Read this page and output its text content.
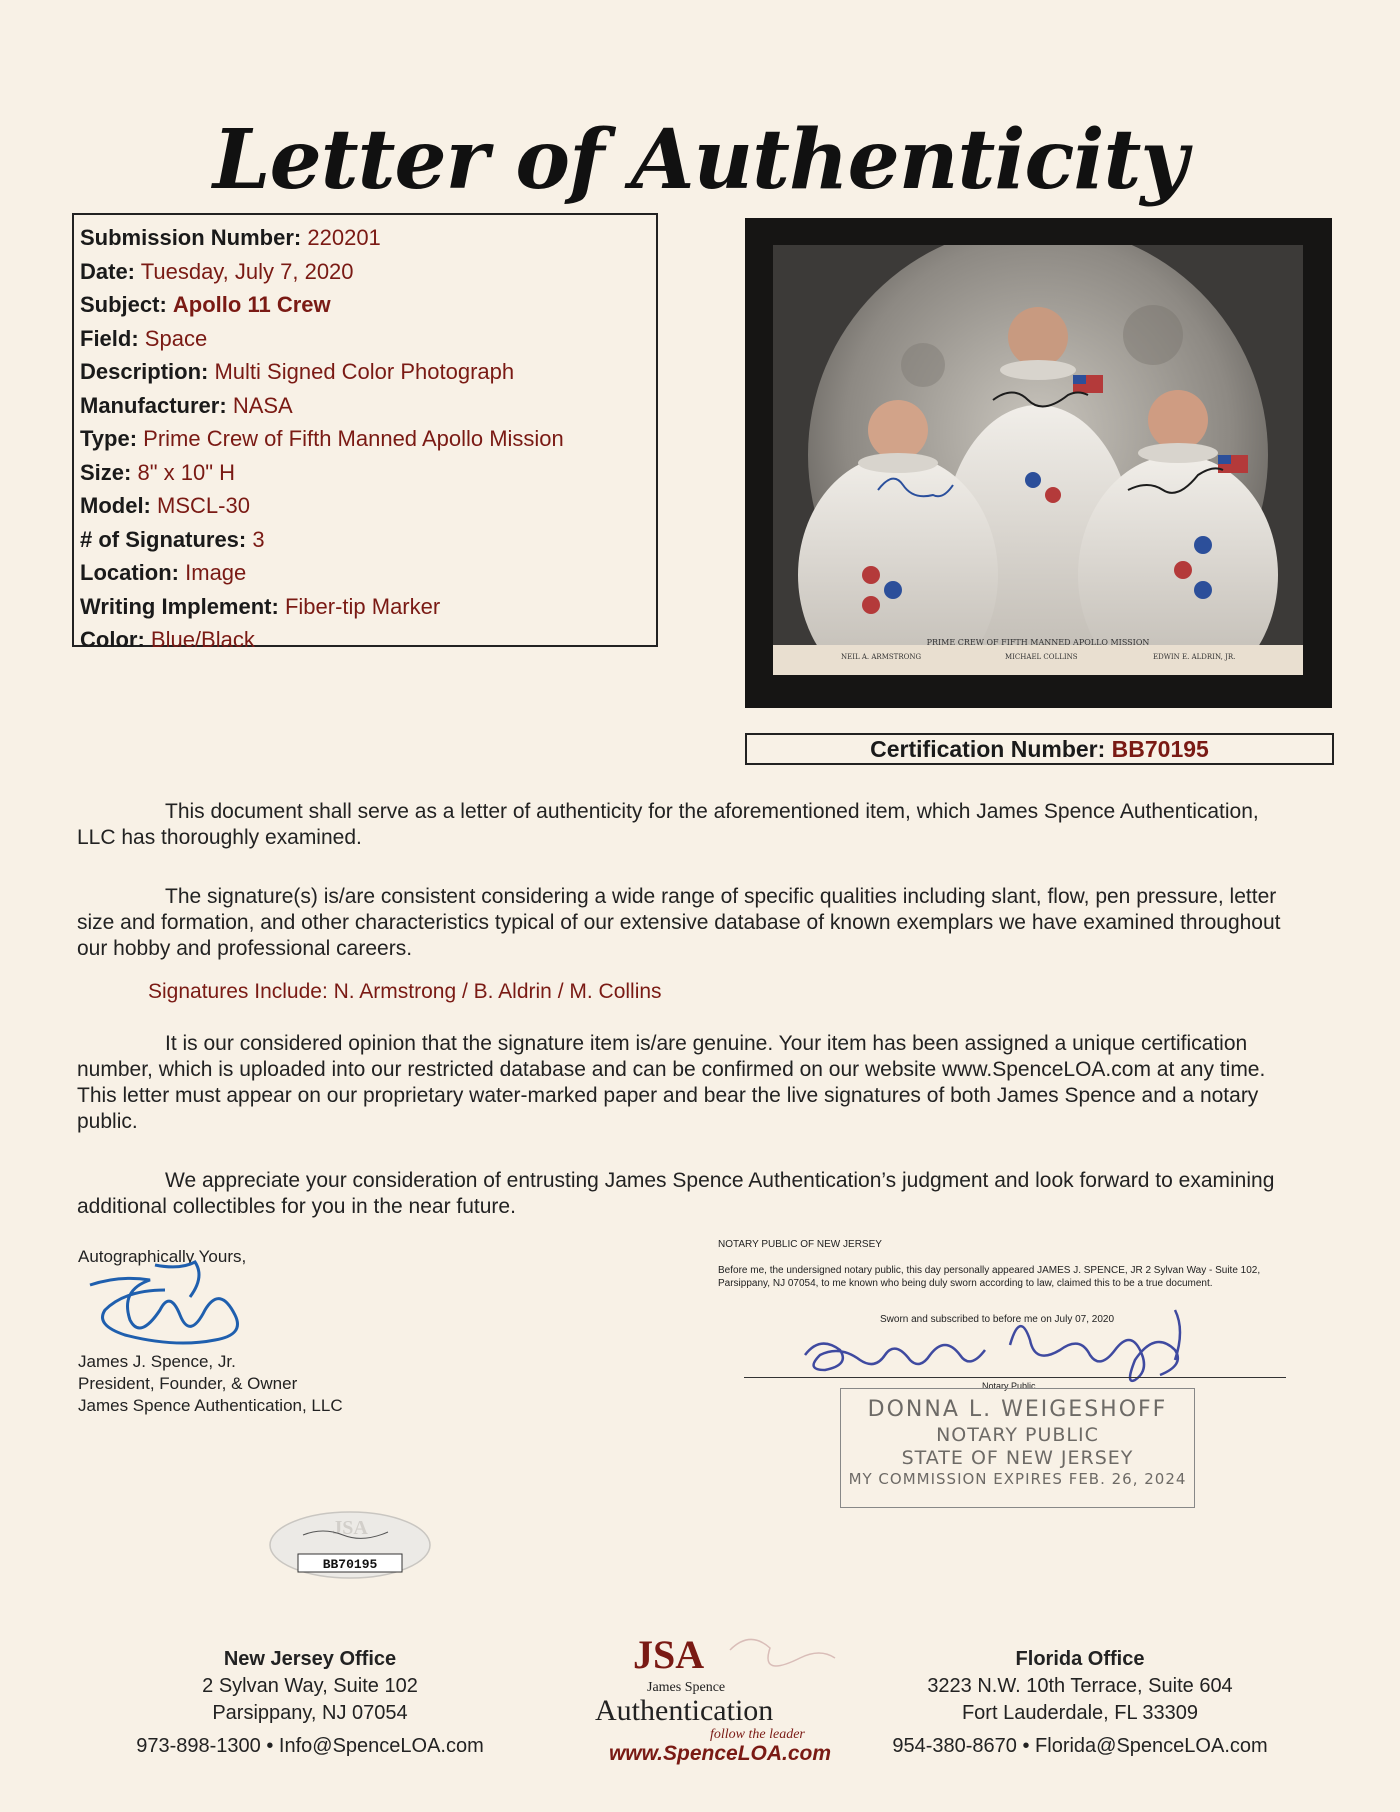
Letter of Authenticity
Submission Number: 220201
Date: Tuesday, July 7, 2020
Subject: Apollo 11 Crew
Field: Space
Description: Multi Signed Color Photograph
Manufacturer: NASA
Type: Prime Crew of Fifth Manned Apollo Mission
Size: 8" x 10" H
Model: MSCL-30
# of Signatures: 3
Location: Image
Writing Implement: Fiber-tip Marker
Color: Blue/Black	PRIME CREW OF FIFTH MANNED APOLLO MISSION
NEIL A. ARMSTRONG	MICHAEL COLLINS	EDWIN E. ALDRIN, JR.
Certification Number: BB70195
This document shall serve as a letter of authenticity for the aforementioned item, which James Spence Authentication, LLC has thoroughly examined.
The signature(s) is/are consistent considering a wide range of specific qualities including slant, flow, pen pressure, letter size and formation, and other characteristics typical of our extensive database of known exemplars we have examined throughout our hobby and professional careers.
Signatures Include: N. Armstrong / B. Aldrin / M. Collins
It is our considered opinion that the signature item is/are genuine. Your item has been assigned a unique certification number, which is uploaded into our restricted database and can be confirmed on our website www.SpenceLOA.com at any time. This letter must appear on our proprietary water-marked paper and bear the live signatures of both James Spence and a notary public.
We appreciate your consideration of entrusting James Spence Authentication’s judgment and look forward to examining additional collectibles for you in the near future.
Autographically Yours,
James J. Spence, Jr.
President, Founder, & Owner
James Spence Authentication, LLC
NOTARY PUBLIC OF NEW JERSEY
Before me, the undersigned notary public, this day personally appeared JAMES J. SPENCE, JR 2 Sylvan Way - Suite 102, Parsippany, NJ 07054, to me known who being duly sworn according to law, claimed this to be a true document.
Sworn and subscribed to before me on July 07, 2020
Notary Public
DONNA L. WEIGESHOFF
NOTARY PUBLIC
STATE OF NEW JERSEY
MY COMMISSION EXPIRES FEB. 26, 2024
JSA
BB70195
New Jersey Office
2 Sylvan Way, Suite 102
Parsippany, NJ 07054
973-898-1300 • Info@SpenceLOA.com
JSA
James Spence
Authentication
follow the leader
www.SpenceLOA.com
Florida Office
3223 N.W. 10th Terrace, Suite 604
Fort Lauderdale, FL 33309
954-380-8670 • Florida@SpenceLOA.com
